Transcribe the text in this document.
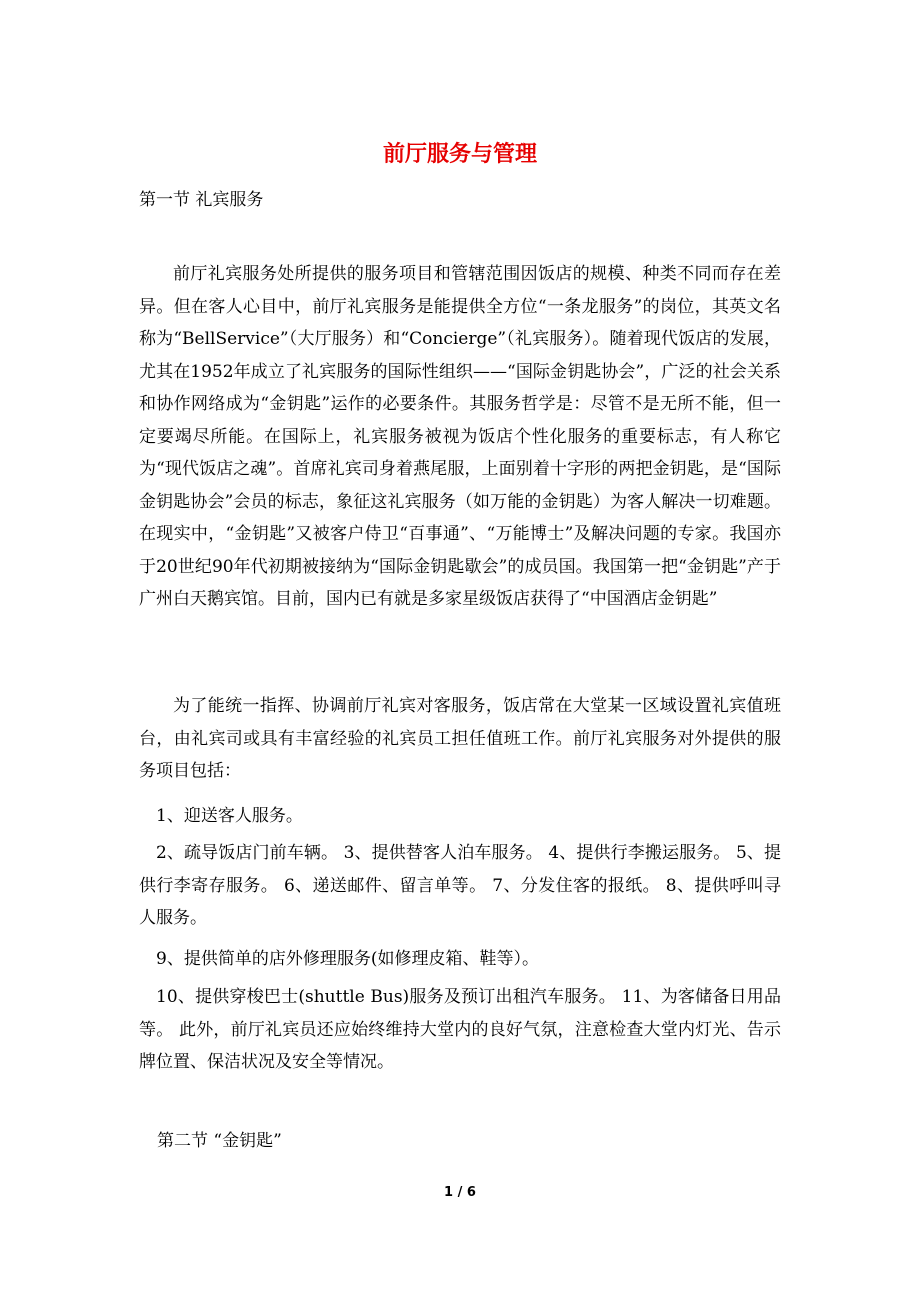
前厅服务与管理
第一节 礼宾服务

前厅礼宾服务处所提供的服务项目和管辖范围因饭店的规模、种类不同而存在差异。但在客人心目中，前厅礼宾服务是能提供全方位“一条龙服务”的岗位，其英文名称为“BellService”（大厅服务）和“Concierge”（礼宾服务）。随着现代饭店的发展，尤其在1952年成立了礼宾服务的国际性组织——“国际金钥匙协会”，广泛的社会关系和协作网络成为“金钥匙”运作的必要条件。其服务哲学是：尽管不是无所不能，但一定要竭尽所能。在国际上，礼宾服务被视为饭店个性化服务的重要标志，有人称它为“现代饭店之魂”。首席礼宾司身着燕尾服，上面别着十字形的两把金钥匙，是“国际金钥匙协会”会员的标志，象征这礼宾服务（如万能的金钥匙）为客人解决一切难题。在现实中，“金钥匙”又被客户侍卫“百事通”、“万能博士”及解决问题的专家。我国亦于20世纪90年代初期被接纳为“国际金钥匙歇会”的成员国。我国第一把“金钥匙”产于广州白天鹅宾馆。目前，国内已有就是多家星级饭店获得了“中国酒店金钥匙”

为了能统一指挥、协调前厅礼宾对客服务，饭店常在大堂某一区域设置礼宾值班台，由礼宾司或具有丰富经验的礼宾员工担任值班工作。前厅礼宾服务对外提供的服务项目包括：

1、迎送客人服务。

2、疏导饭店门前车辆。 3、提供替客人泊车服务。 4、提供行李搬运服务。 5、提供行李寄存服务。 6、递送邮件、留言单等。 7、分发住客的报纸。 8、提供呼叫寻人服务。

9、提供简单的店外修理服务(如修理皮箱、鞋等）。

10、提供穿梭巴士(shuttle Bus)服务及预订出租汽车服务。 11、为客储备日用品等。 此外，前厅礼宾员还应始终维持大堂内的良好气氛，注意检查大堂内灯光、告示牌位置、保洁状况及安全等情况。

第二节 “金钥匙”
1 / 6
